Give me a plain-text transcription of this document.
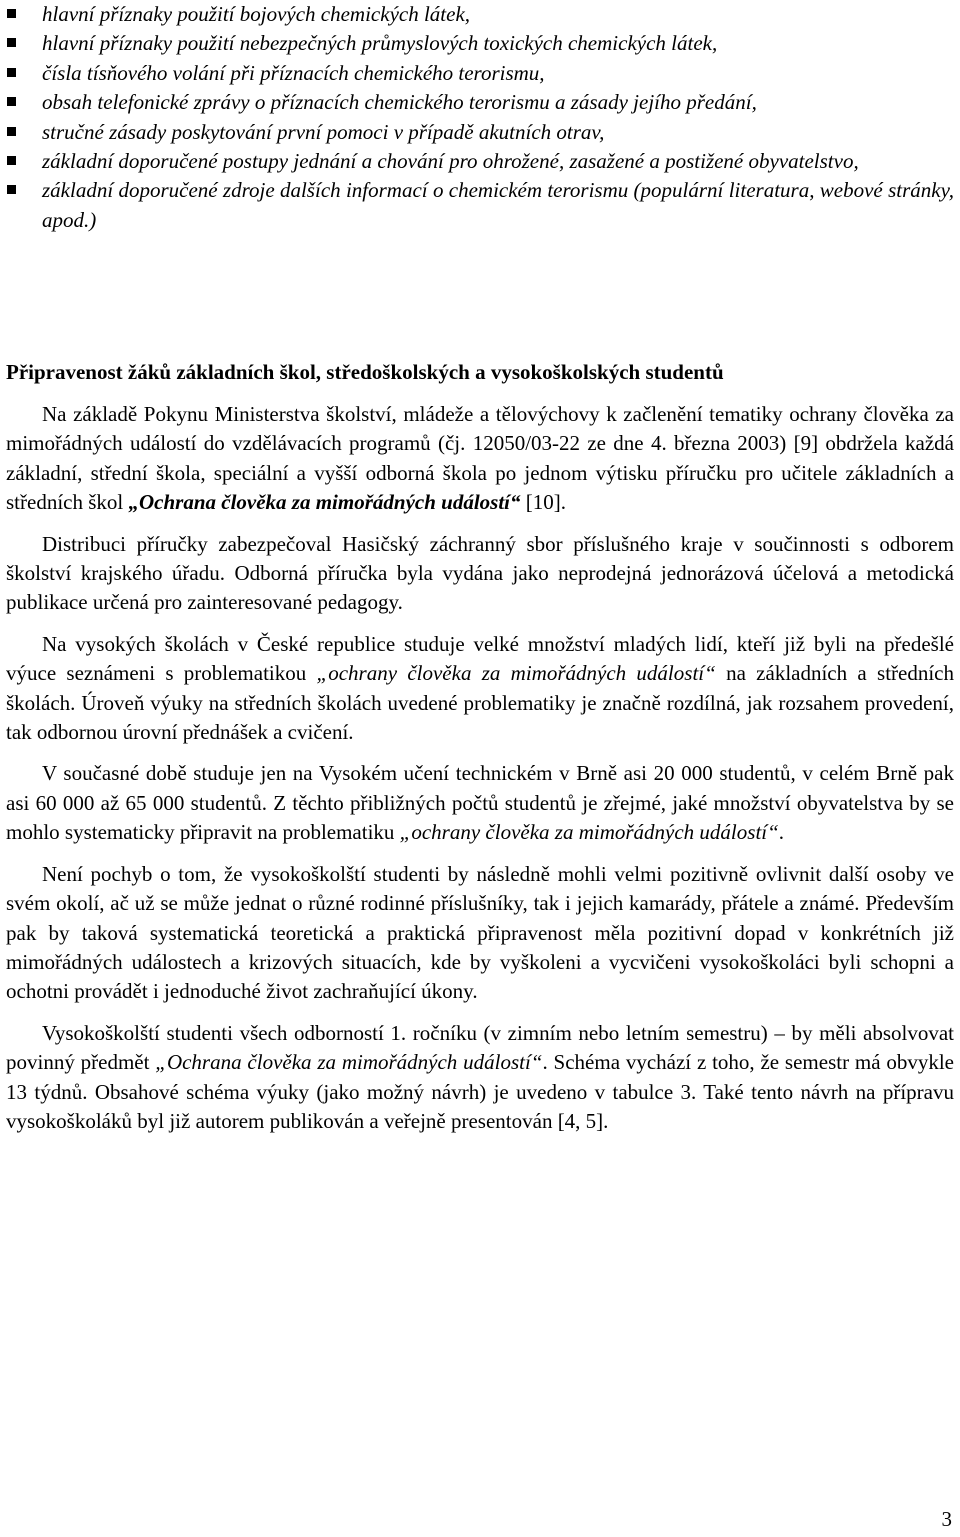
hlavní příznaky použití bojových chemických látek,
hlavní příznaky použití nebezpečných průmyslových toxických chemických látek,
čísla tísňového volání při příznacích chemického terorismu,
obsah telefonické zprávy o příznacích chemického terorismu a zásady jejího předání,
stručné zásady poskytování první pomoci v případě akutních otrav,
základní doporučené postupy jednání a chování pro ohrožené, zasažené a postižené obyvatelstvo,
základní doporučené zdroje dalších informací o chemickém terorismu (populární literatura, webové stránky, apod.)
Připravenost žáků základních škol, středoškolských a vysokoškolských studentů

Na základě Pokynu Ministerstva školství, mládeže a tělovýchovy k začlenění tematiky ochrany člověka za mimořádných událostí do vzdělávacích programů (čj. 12050/03-22 ze dne 4. března 2003) [9] obdržela každá základní, střední škola, speciální a vyšší odborná škola po jednom výtisku příručku pro učitele základních a středních škol „Ochrana člověka za mimořádných událostí“ [10].

Distribuci příručky zabezpečoval Hasičský záchranný sbor příslušného kraje v součinnosti s odborem školství krajského úřadu. Odborná příručka byla vydána jako neprodejná jednorázová účelová a metodická publikace určená pro zainteresované pedagogy.

Na vysokých školách v České republice studuje velké množství mladých lidí, kteří již byli na předešlé výuce seznámeni s problematikou „ochrany člověka za mimořádných událostí“ na základních a středních školách. Úroveň výuky na středních školách uvedené problematiky je značně rozdílná, jak rozsahem provedení, tak odbornou úrovní přednášek a cvičení.

V současné době studuje jen na Vysokém učení technickém v Brně asi 20 000 studentů, v celém Brně pak asi 60 000 až 65 000 studentů. Z těchto přibližných počtů studentů je zřejmé, jaké množství obyvatelstva by se mohlo systematicky připravit na problematiku „ochrany člověka za mimořádných událostí“.

Není pochyb o tom, že vysokoškolští studenti by následně mohli velmi pozitivně ovlivnit další osoby ve svém okolí, ač už se může jednat o různé rodinné příslušníky, tak i jejich kamarády, přátele a známé. Především pak by taková systematická teoretická a praktická připravenost měla pozitivní dopad v konkrétních již mimořádných událostech a krizových situacích, kde by vyškoleni a vycvičeni vysokoškoláci byli schopni a ochotni provádět i jednoduché život zachraňující úkony.

Vysokoškolští studenti všech odborností 1. ročníku (v zimním nebo letním semestru) – by měli absolvovat povinný předmět „Ochrana člověka za mimořádných událostí“. Schéma vychází z toho, že semestr má obvykle 13 týdnů. Obsahové schéma výuky (jako možný návrh) je uvedeno v tabulce 3. Také tento návrh na přípravu vysokoškoláků byl již autorem publikován a veřejně presentován [4, 5].

3
